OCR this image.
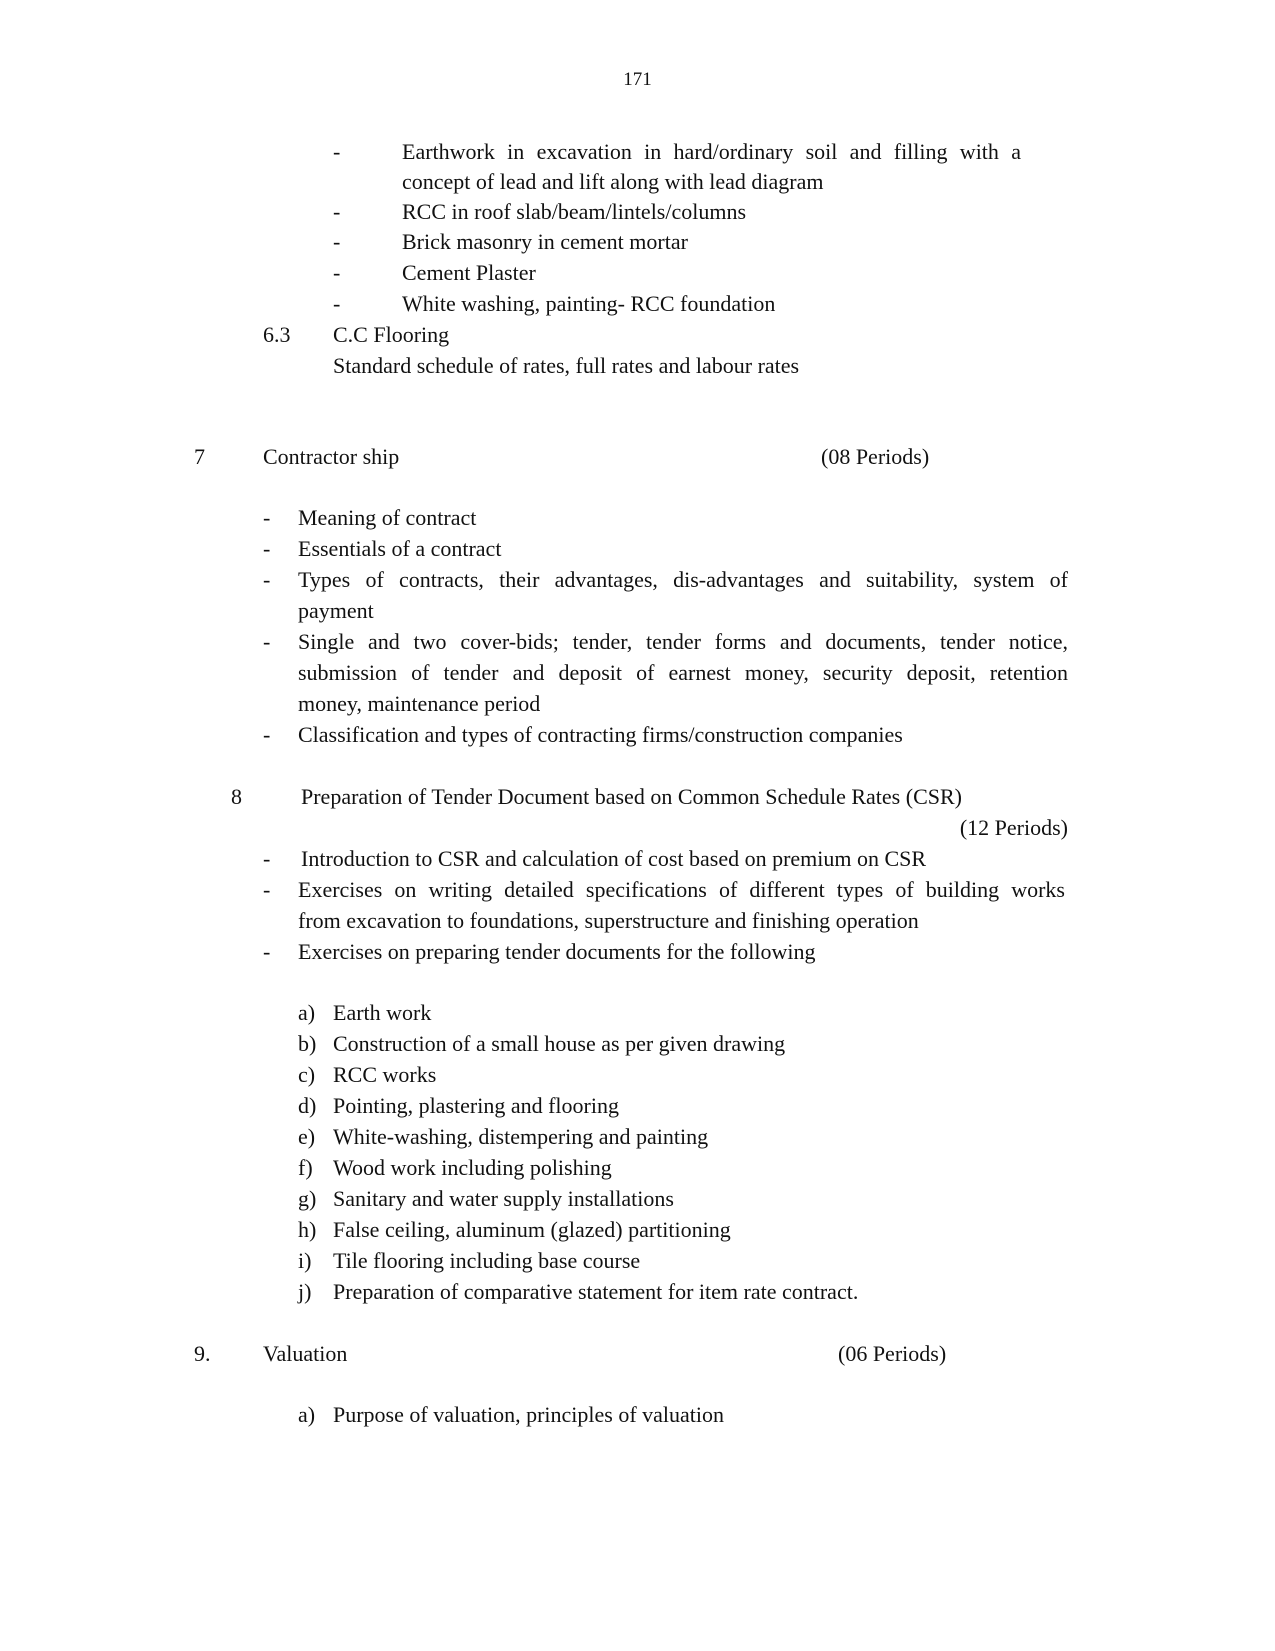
171
-	Earthwork in excavation in hard/ordinary soil and filling with a
concept of lead and lift along with lead diagram
-	RCC in roof slab/beam/lintels/columns
-	Brick masonry in cement mortar
-	Cement Plaster
-	White washing, painting- RCC foundation
6.3 C.C Flooring
Standard schedule of rates, full rates and labour rates
7	Contractor ship	(08 Periods)
- Meaning of contract
- Essentials of a contract
- Types of contracts, their advantages, dis-advantages and suitability, system of
payment
- Single and two cover-bids; tender, tender forms and documents, tender notice,
submission of tender and deposit of earnest money, security deposit, retention
money, maintenance period
- Classification and types of contracting firms/construction companies
8	Preparation of Tender Document based on Common Schedule Rates (CSR)
(12 Periods)
- Introduction to CSR and calculation of cost based on premium on CSR
- Exercises on writing detailed specifications of different types of building works
from excavation to foundations, superstructure and finishing operation
- Exercises on preparing tender documents for the following
a) Earth work
b) Construction of a small house as per given drawing
c) RCC works
d) Pointing, plastering and flooring
e) White-washing, distempering and painting
f) Wood work including polishing
g) Sanitary and water supply installations
h) False ceiling, aluminum (glazed) partitioning
i) Tile flooring including base course
j) Preparation of comparative statement for item rate contract.
9. Valuation	(06 Periods)
a) Purpose of valuation, principles of valuation
